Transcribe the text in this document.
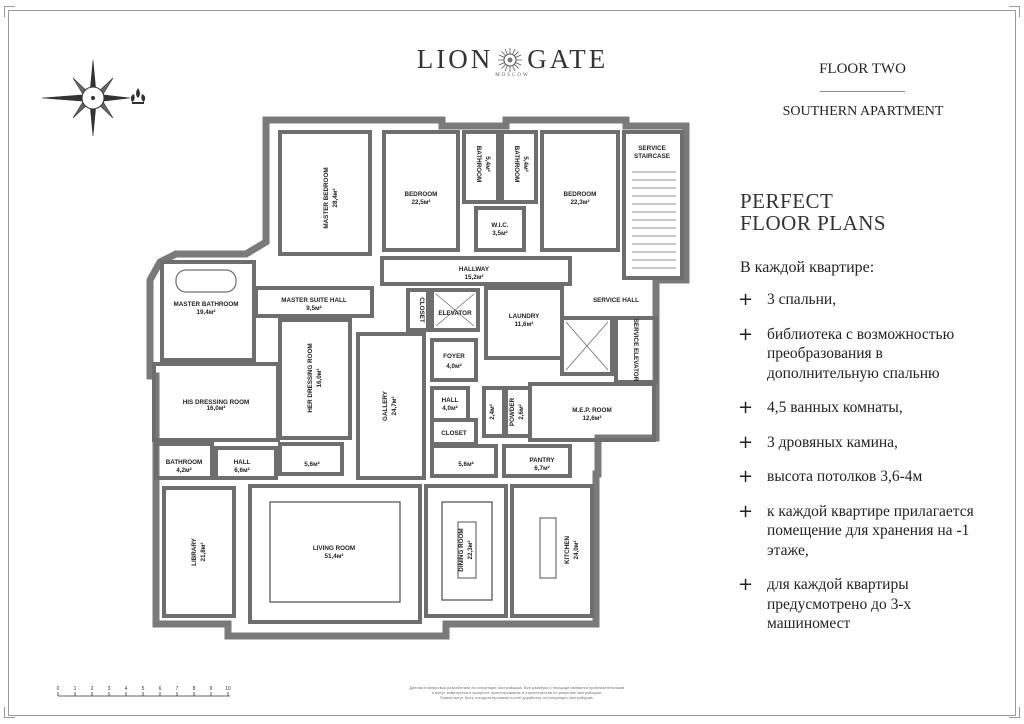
LION GATE
MOSCOW	FLOOR TWO
SOUTHERN APARTMENT
PERFECT
FLOOR PLANS
В каждой квартире:
+ 3 спальни,
+ библиотека с возможностью преобразования в дополнительную спальню
+ 4,5 ванных комнаты,
+ 3 дровяных камина,
+ высота потолков 3,6-4м
+ к каждой квартире прилагается помещение для хранения на -1 этаже,
+ для каждой квартиры предусмотрено до 3-х машиномест
MASTER BEDROOM 28,4м²	BEDROOM
22,5м²
BATHROOM 5,4м²	BATHROOM 5,4м²
BEDROOM
22,3м²
SERVICE
STAIRCASE
W.I.C.
3,5м²
HALLWAY
15,2м²
MASTER BATHROOM
19,4м²
MASTER SUITE HALL
9,5м²	CLOSET ELEVATOR	LAUNDRY
11,6м²
SERVICE HALL
SERVICE ELEVATOR
HER DRESSING ROOM 16,0м²
GALLERY 24,7м²
FOYER
4,0м²
HIS DRESSING ROOM
16,0м²
HALL
4,0м²	2,4м² POWDER 2,6м²	M.E.P. ROOM
12,6м²
CLOSET
BATHROOM
4,2м²
HALL
6,6м²
5,6м²	5,6м²
PANTRY
6,7м²
LIBRARY 21,8м²	LIVING ROOM
51,4м²	DINING ROOM 22,3м²	KITCHEN 24,0м²
0	1	2	3	4	5	6	7	8	9	10	Данная планировка разработана по концепции застройщика. Все размеры и площади являются приблизительными
и могут изменяться в процессе проектирования и строительства по решению застройщика.
Планы могут быть откорректированы после доработки по концепции застройщика.
